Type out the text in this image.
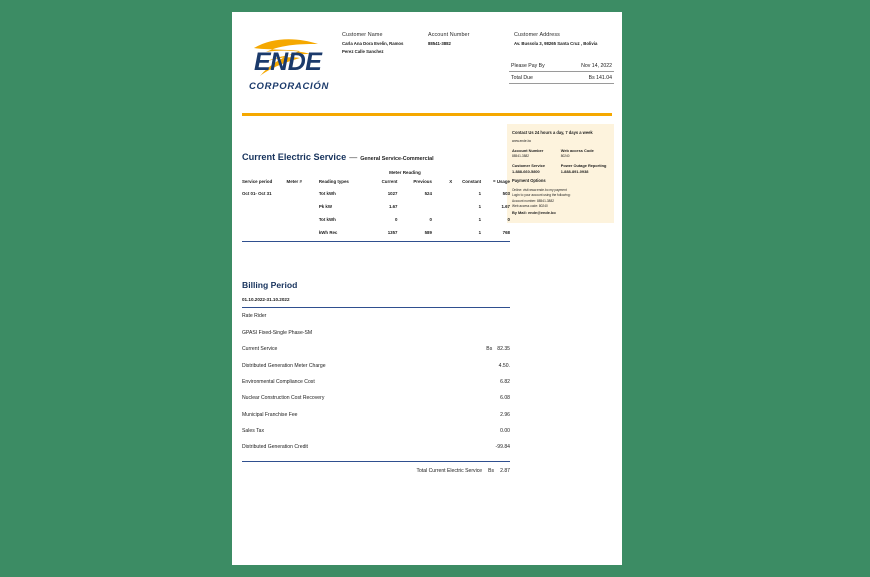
ENDE
CORPORACIÓN
Customer Name
Carla Ana Dora Evelin, Ramos Perez Calle Sanchez
Account Number
88541-3882
Customer Address
Av. Bussola 3, 98265 Santa Cruz , Bolivia
Please Pay By	Nov 14, 2022
Total Due	Bs 141.04
Contact Us 24 hours a day, 7 days a week
www.ende.bo
Account Number	Web access Code
88541-3882	80240
Customer Service	Power Outage Reporting
1-888-660-5800	1-888-891-0938
Payment Options
Online: visit www.ende.bo my payment
Login to your account using the following:
Account number: 88541-3882
Web access code: 80240
By Mail: ende@ende.bo
Current Electric Service — General Service-Commercial
Meter Reading
Service period	Meter #	Reading types	Current	Previous	X	Constant	= Usage
Oct 01- Oct 31		Tot kWh	1027	524		1	503
		Pk kW	1.67			1	1.67
		Tot kWh	0	0		1	0
		kWh Rec	1357	589		1	768
Billing Period
01.10.2022-31.10.2022
Rate Rider
GPASI Fixed-Single Phase-SM
Current Service	Bs 82.35
Distributed Generation Meter Charge	4.50.
Environmental Compliance Cost	6.82
Nuclear Construction Cost Recovery	6.08
Municipal Franchise Fee	2.96
Sales Tax	0.00
Distributed Generation Credit	-99.84
Total Current Electric Service Bs 2.87
